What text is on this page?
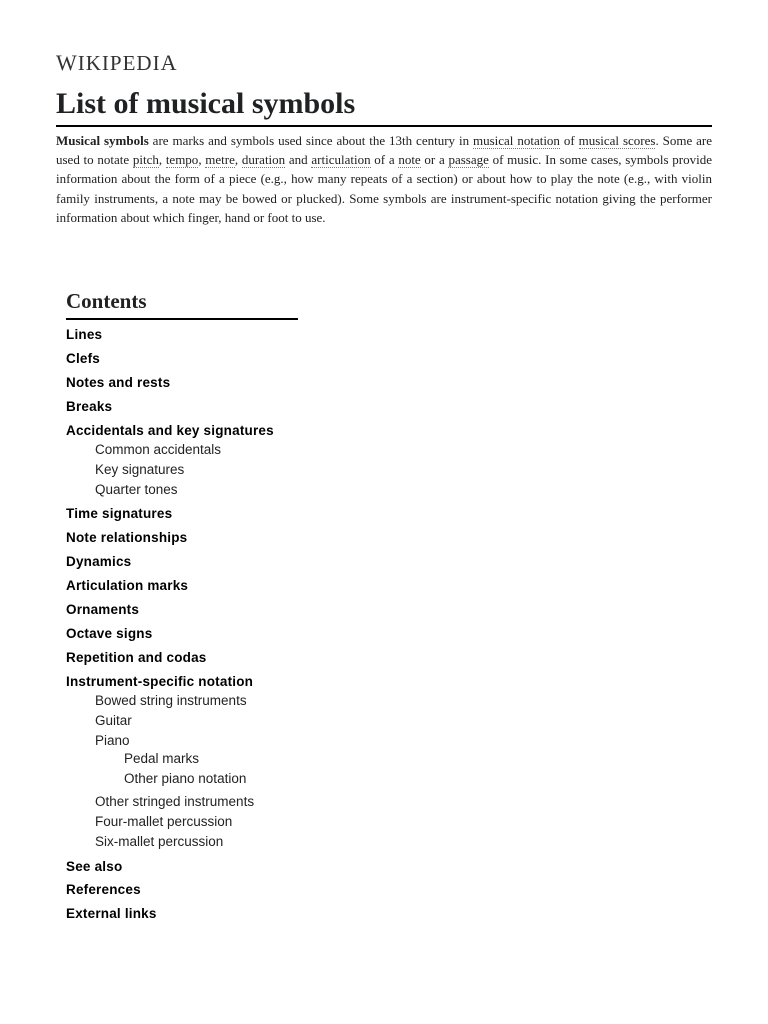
WIKIPEDIA
List of musical symbols

Musical symbols are marks and symbols used since about the 13th century in musical notation of musical scores. Some are used to notate pitch, tempo, metre, duration and articulation of a note or a passage of music. In some cases, symbols provide information about the form of a piece (e.g., how many repeats of a section) or about how to play the note (e.g., with violin family instruments, a note may be bowed or plucked). Some symbols are instrument-specific notation giving the performer information about which finger, hand or foot to use.

Contents
Lines
Clefs
Notes and rests
Breaks
Accidentals and key signatures
Common accidentals
Key signatures
Quarter tones
Time signatures
Note relationships
Dynamics
Articulation marks
Ornaments
Octave signs
Repetition and codas
Instrument-specific notation
Bowed string instruments
Guitar
Piano
Pedal marks
Other piano notation
Other stringed instruments
Four-mallet percussion
Six-mallet percussion
See also
References
External links
